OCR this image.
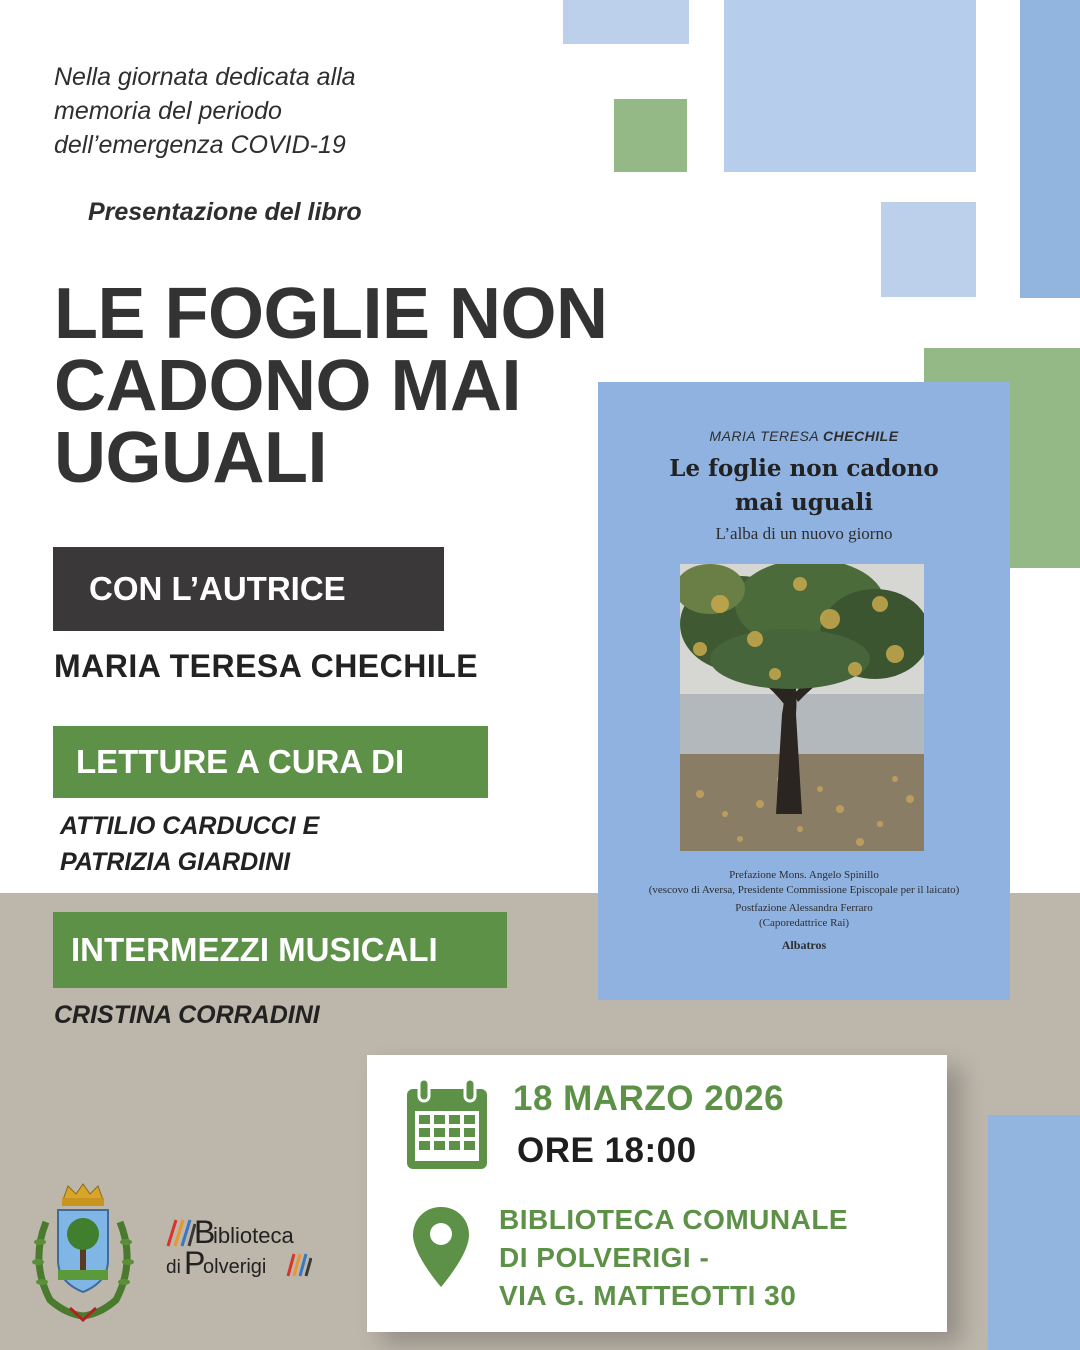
Nella giornata dedicata alla
memoria del periodo
dell’emergenza COVID-19
Presentazione del libro
LE FOGLIE NON
CADONO MAI
UGUALI
CON L’AUTRICE
MARIA TERESA CHECHILE
LETTURE A CURA DI
ATTILIO CARDUCCI E
PATRIZIA GIARDINI
INTERMEZZI MUSICALI
CRISTINA CORRADINI
MARIA TERESA CHECHILE
Le foglie non cadono
mai uguali
L’alba di un nuovo giorno
Prefazione Mons. Angelo Spinillo
(vescovo di Aversa, Presidente Commissione Episcopale per il laicato)
Postfazione Alessandra Ferraro
(Caporedattrice Rai)
Albatros
18 MARZO 2026
ORE 18:00
BIBLIOTECA COMUNALE
DI POLVERIGI -
VIA G. MATTEOTTI 30
B
iblioteca
di P
olverigi
